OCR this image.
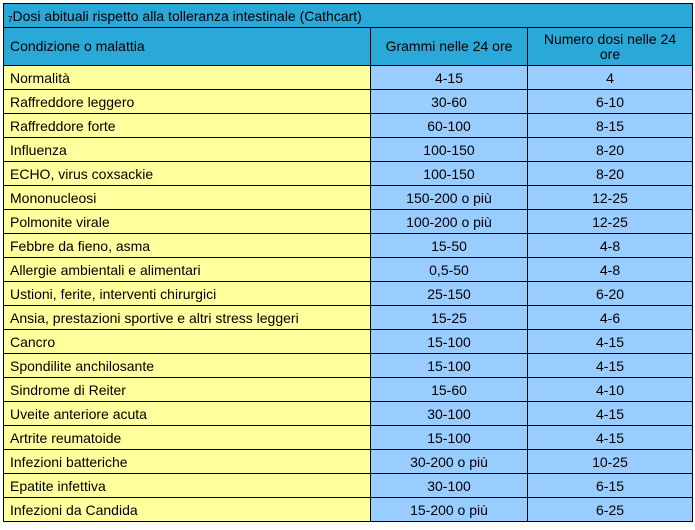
7Dosi abituali rispetto alla tolleranza intestinale (Cathcart)		
Condizione o malattia	Grammi nelle 24 ore	Numero dosi nelle 24 ore
Normalità	4-15	4
Raffreddore leggero	30-60	6-10
Raffreddore forte	60-100	8-15
Influenza	100-150	8-20
ECHO, virus coxsackie	100-150	8-20
Mononucleosi	150-200 o più	12-25
Polmonite virale	100-200 o più	12-25
Febbre da fieno, asma	15-50	4-8
Allergie ambientali e alimentari	0,5-50	4-8
Ustioni, ferite, interventi chirurgici	25-150	6-20
Ansia, prestazioni sportive e altri stress leggeri	15-25	4-6
Cancro	15-100	4-15
Spondilite anchilosante	15-100	4-15
Sindrome di Reiter	15-60	4-10
Uveite anteriore acuta	30-100	4-15
Artrite reumatoide	15-100	4-15
Infezioni batteriche	30-200 o più	10-25
Epatite infettiva	30-100	6-15
Infezioni da Candida	15-200 o più	6-25
